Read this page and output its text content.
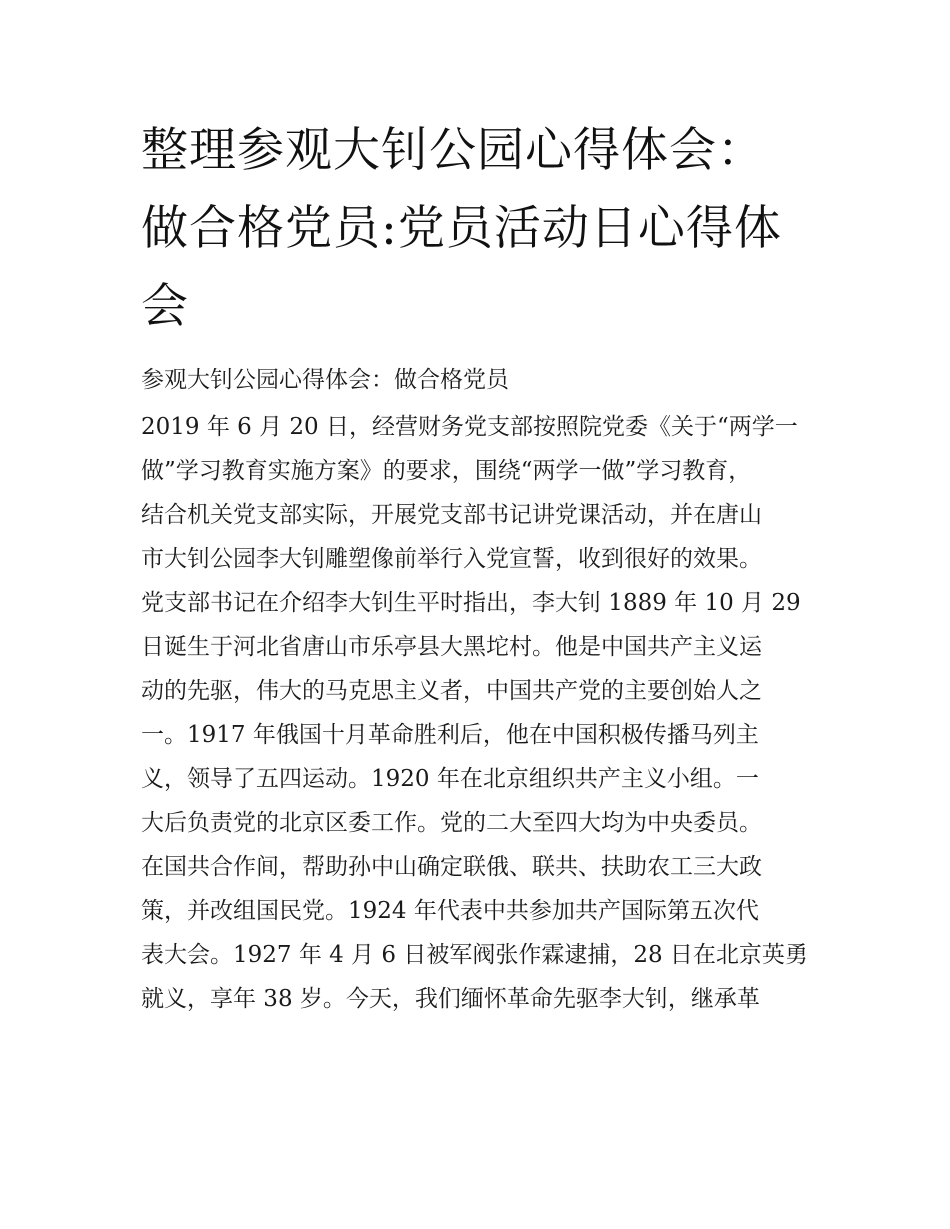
整理参观大钊公园心得体会：
做合格党员:党员活动日心得体
会

参观大钊公园心得体会：做合格党员

2019 年 6 月 20 日，经营财务党支部按照院党委《关于“两学一
做”学习教育实施方案》的要求，围绕“两学一做”学习教育，
结合机关党支部实际，开展党支部书记讲党课活动，并在唐山
市大钊公园李大钊雕塑像前举行入党宣誓，收到很好的效果。
党支部书记在介绍李大钊生平时指出，李大钊 1889 年 10 月 29
日诞生于河北省唐山市乐亭县大黑坨村。他是中国共产主义运
动的先驱，伟大的马克思主义者，中国共产党的主要创始人之
一。1917 年俄国十月革命胜利后，他在中国积极传播马列主
义，领导了五四运动。1920 年在北京组织共产主义小组。一
大后负责党的北京区委工作。党的二大至四大均为中央委员。
在国共合作间，帮助孙中山确定联俄、联共、扶助农工三大政
策，并改组国民党。1924 年代表中共参加共产国际第五次代
表大会。1927 年 4 月 6 日被军阀张作霖逮捕，28 日在北京英勇
就义，享年 38 岁。今天，我们缅怀革命先驱李大钊，继承革
